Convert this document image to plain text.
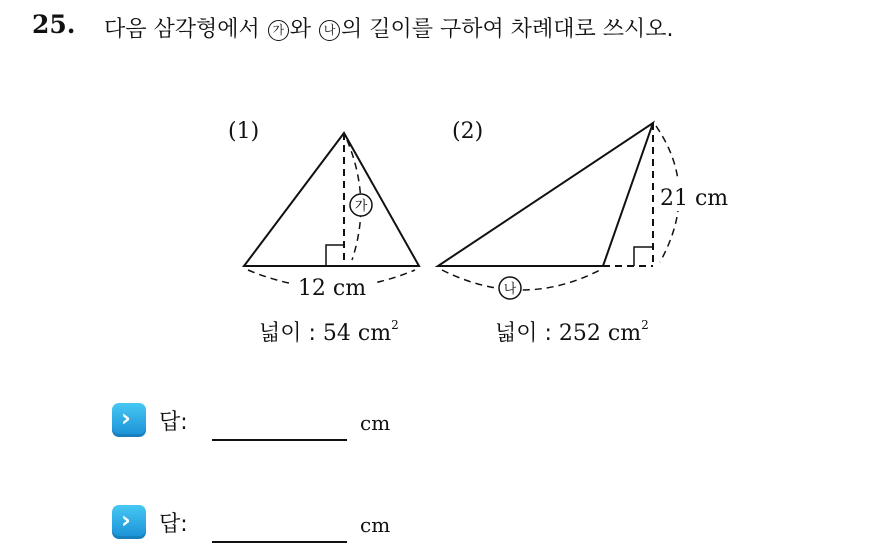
25. 다음 삼각형에서 가 와 나 의 길이를 구하여 차례대로 쓰시오.
(1)
가
12 cm
넓이 : 54 $cm^2$
(2)
21 cm
나
넓이 : 252 $cm^2$
› 답:	cm
› 답:	cm
